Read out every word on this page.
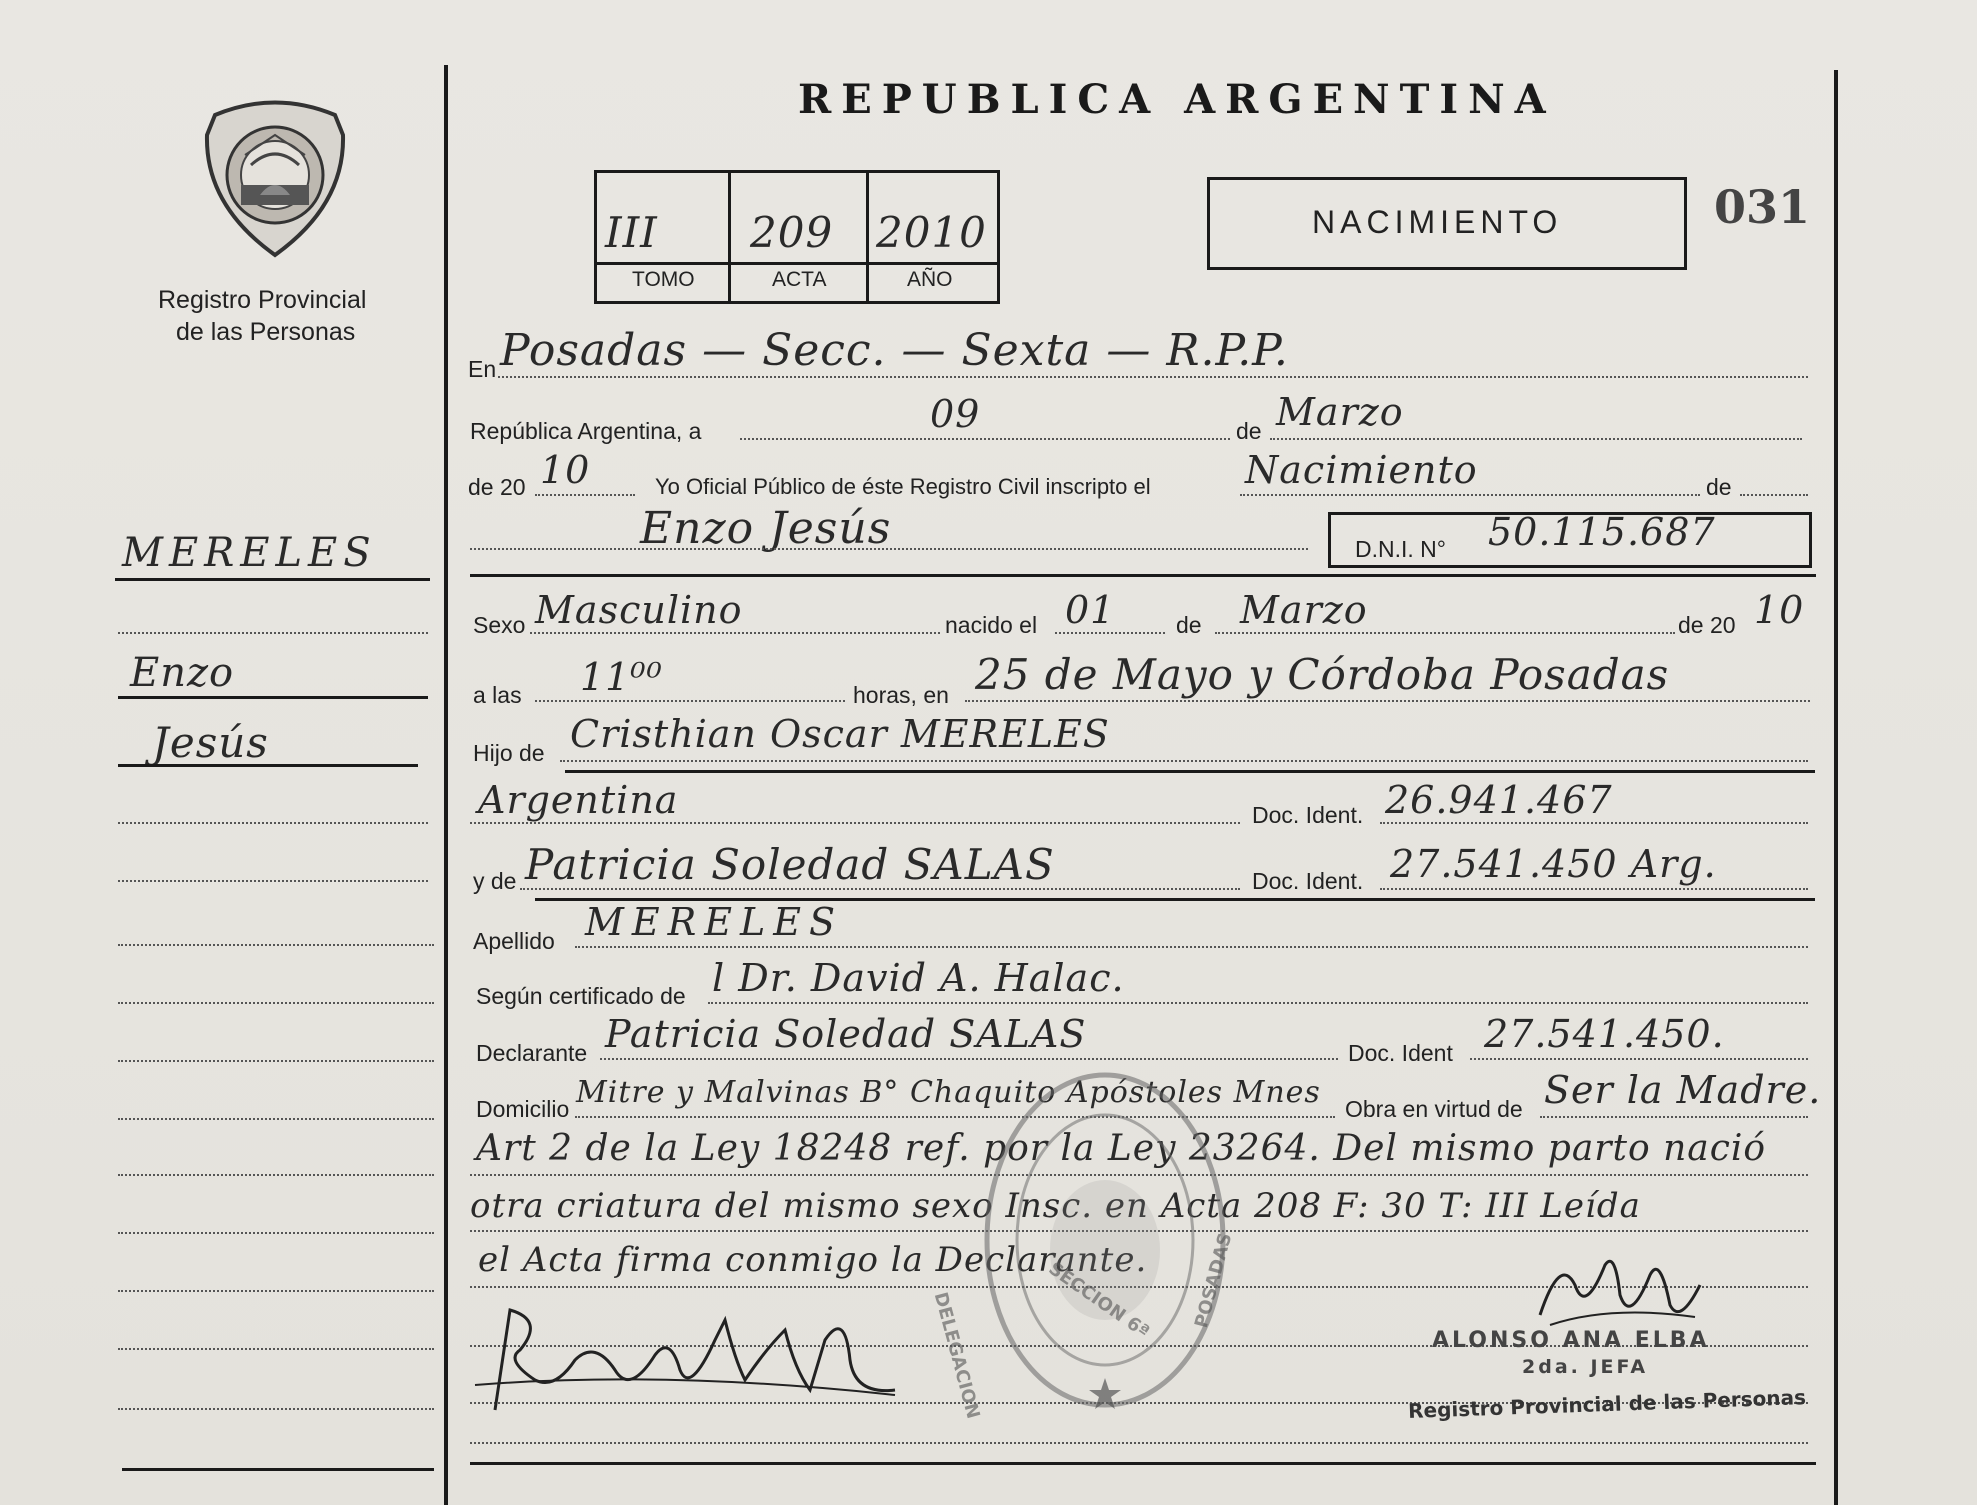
Registro Provincial
de las Personas
REPUBLICA ARGENTINA
III 209 2010
TOMO	ACTA	AÑO
NACIMIENTO	031
En Posadas — Secc. — Sexta — R.P.P.
República Argentina, a	09	de Marzo
de 20 10	Yo Oficial Público de éste Registro Civil inscripto el Nacimiento	de
Enzo Jesús	D.N.I. N° 50.115.687
Sexo Masculino	nacido el 01	de Marzo	de 20 10
a las 11⁰⁰	horas, en 25 de Mayo y Córdoba Posadas
Hijo de Cristhian Oscar MERELES
Argentina	Doc. Ident. 26.941.467
y de Patricia Soledad SALAS	Doc. Ident. 27.541.450 Arg.
Apellido MERELES
Según certificado de l Dr. David A. Halac.
Declarante Patricia Soledad SALAS	Doc. Ident 27.541.450.
Domicilio Mitre y Malvinas B° Chaquito Apóstoles Mnes Obra en virtud de Ser la Madre.
Art 2 de la Ley 18248 ref. por la Ley 23264. Del mismo parto nació
otra criatura del mismo sexo Insc. en Acta 208 F: 30 T: III Leída
el Acta firma conmigo la Declarante.
DELEGACION	SECCION 6ª POSADAS
ALONSO ANA ELBA
2da. JEFA
Registro Provincial de las Personas
MERELES
Enzo
Jesús
